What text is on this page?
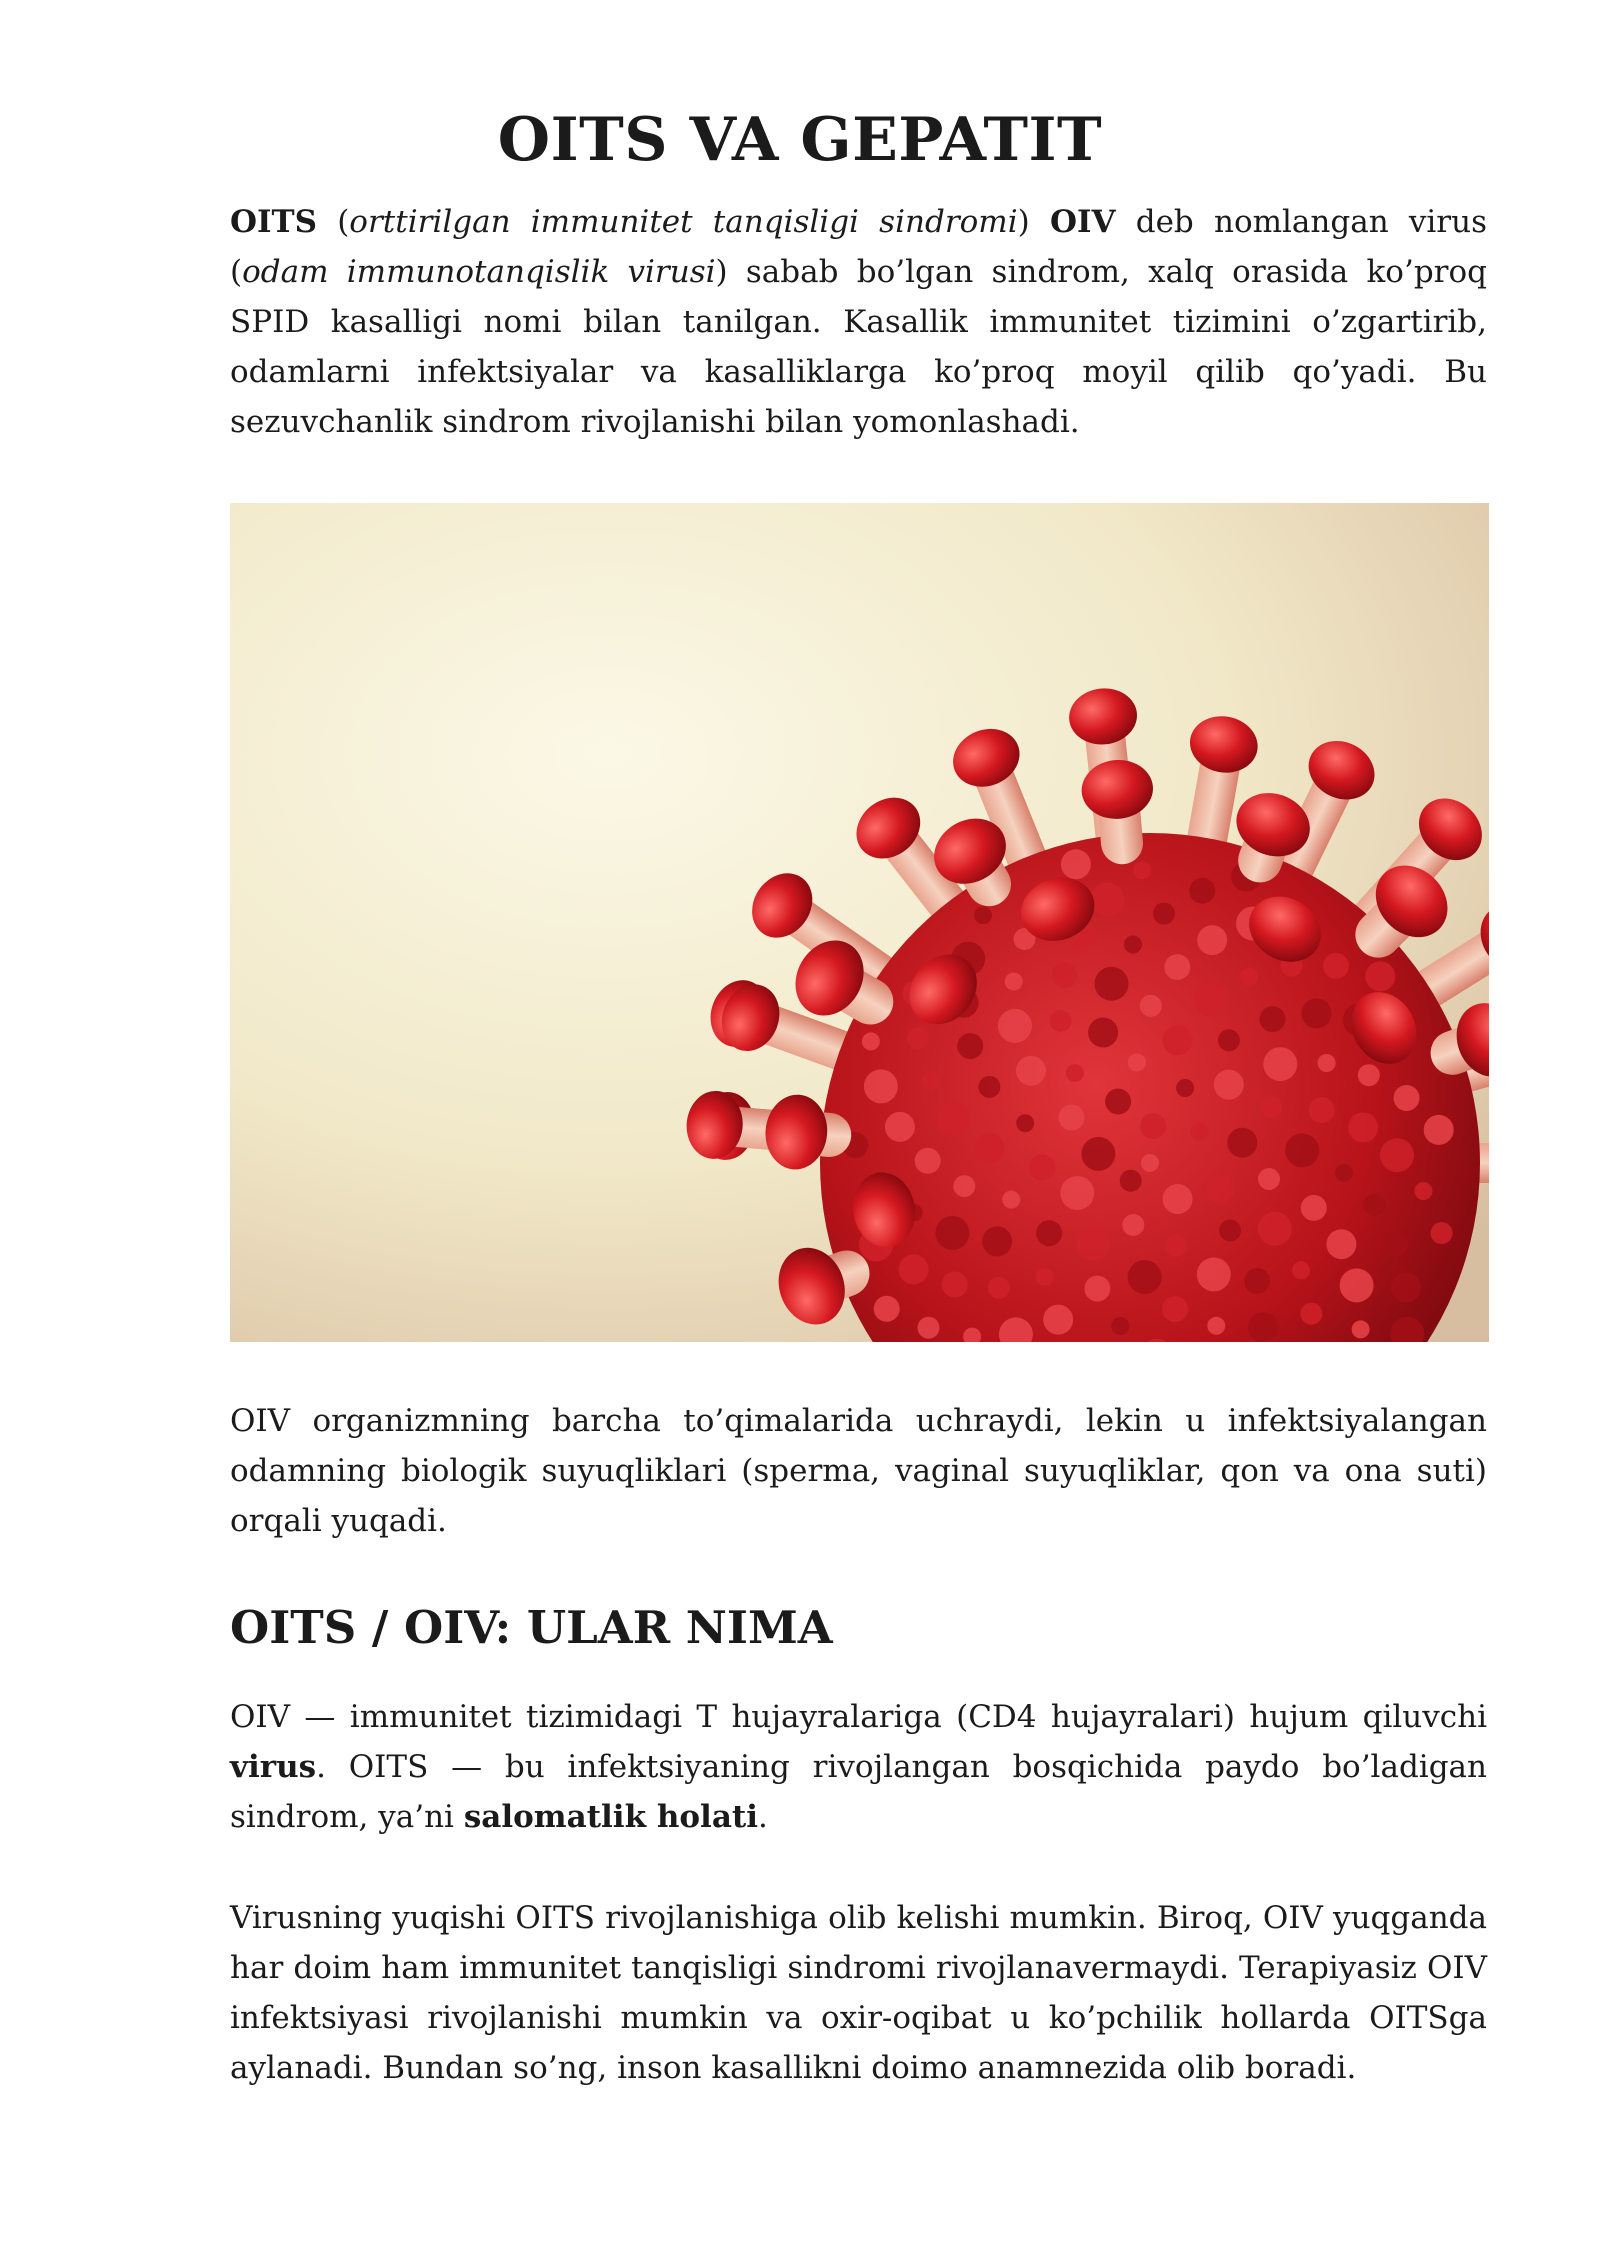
OITS VA GEPATIT

OITS (orttirilgan immunitet tanqisligi sindromi) OIV deb nomlangan virus (odam immunotanqislik virusi) sabab bo’lgan sindrom, xalq orasida ko’proq SPID kasalligi nomi bilan tanilgan. Kasallik immunitet tizimini o’zgartirib, odamlarni infektsiyalar va kasalliklarga ko’proq moyil qilib qo’yadi. Bu sezuvchanlik sindrom rivojlanishi bilan yomonlashadi.

OIV organizmning barcha to’qimalarida uchraydi, lekin u infektsiyalangan odamning biologik suyuqliklari (sperma, vaginal suyuqliklar, qon va ona suti) orqali yuqadi.

OITS / OIV: ULAR NIMA

OIV — immunitet tizimidagi T hujayralariga (CD4 hujayralari) hujum qiluvchi virus. OITS — bu infektsiyaning rivojlangan bosqichida paydo bo’ladigan sindrom, ya’ni salomatlik holati.

Virusning yuqishi OITS rivojlanishiga olib kelishi mumkin. Biroq, OIV yuqganda har doim ham immunitet tanqisligi sindromi rivojlanavermaydi. Terapiyasiz OIV infektsiyasi rivojlanishi mumkin va oxir-oqibat u ko’pchilik hollarda OITSga aylanadi. Bundan so’ng, inson kasallikni doimo anamnezida olib boradi.
